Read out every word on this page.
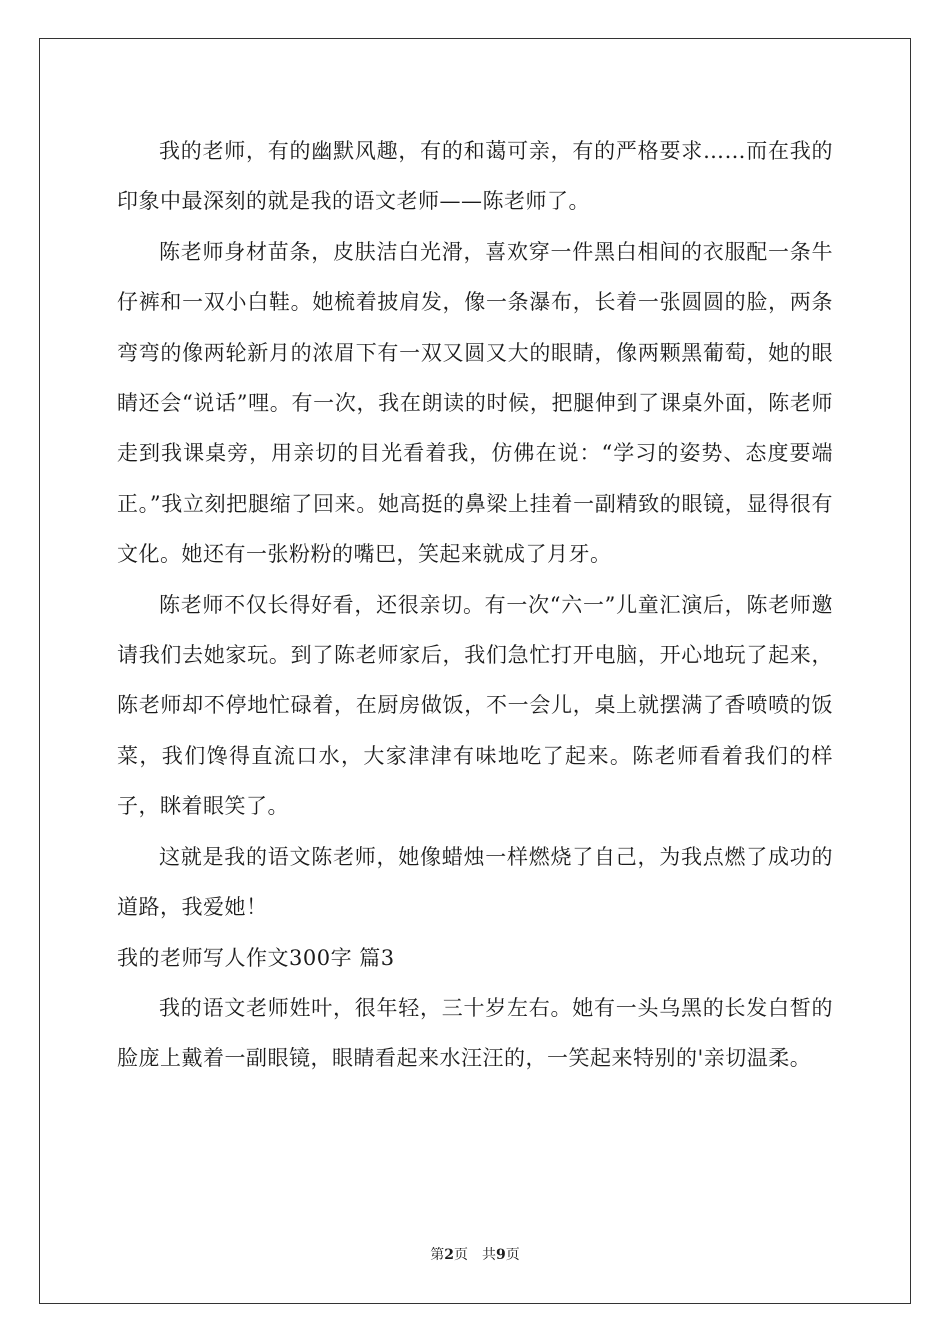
我的老师，有的幽默风趣，有的和蔼可亲，有的严格要求……而在我的印象中最深刻的就是我的语文老师——陈老师了。

陈老师身材苗条，皮肤洁白光滑，喜欢穿一件黑白相间的衣服配一条牛仔裤和一双小白鞋。她梳着披肩发，像一条瀑布，长着一张圆圆的脸，两条弯弯的像两轮新月的浓眉下有一双又圆又大的眼睛，像两颗黑葡萄，她的眼睛还会“说话”哩。有一次，我在朗读的时候，把腿伸到了课桌外面，陈老师走到我课桌旁，用亲切的目光看着我，仿佛在说：“学习的姿势、态度要端正。”我立刻把腿缩了回来。她高挺的鼻梁上挂着一副精致的眼镜，显得很有文化。她还有一张粉粉的嘴巴，笑起来就成了月牙。

陈老师不仅长得好看，还很亲切。有一次“六一”儿童汇演后，陈老师邀请我们去她家玩。到了陈老师家后，我们急忙打开电脑，开心地玩了起来，陈老师却不停地忙碌着，在厨房做饭，不一会儿，桌上就摆满了香喷喷的饭菜，我们馋得直流口水，大家津津有味地吃了起来。陈老师看着我们的样子，眯着眼笑了。

这就是我的语文陈老师，她像蜡烛一样燃烧了自己，为我点燃了成功的道路，我爱她！

我的老师写人作文300字 篇3

我的语文老师姓叶，很年轻，三十岁左右。她有一头乌黑的长发白皙的脸庞上戴着一副眼镜，眼睛看起来水汪汪的，一笑起来特别的'亲切温柔。

第2页　共9页
